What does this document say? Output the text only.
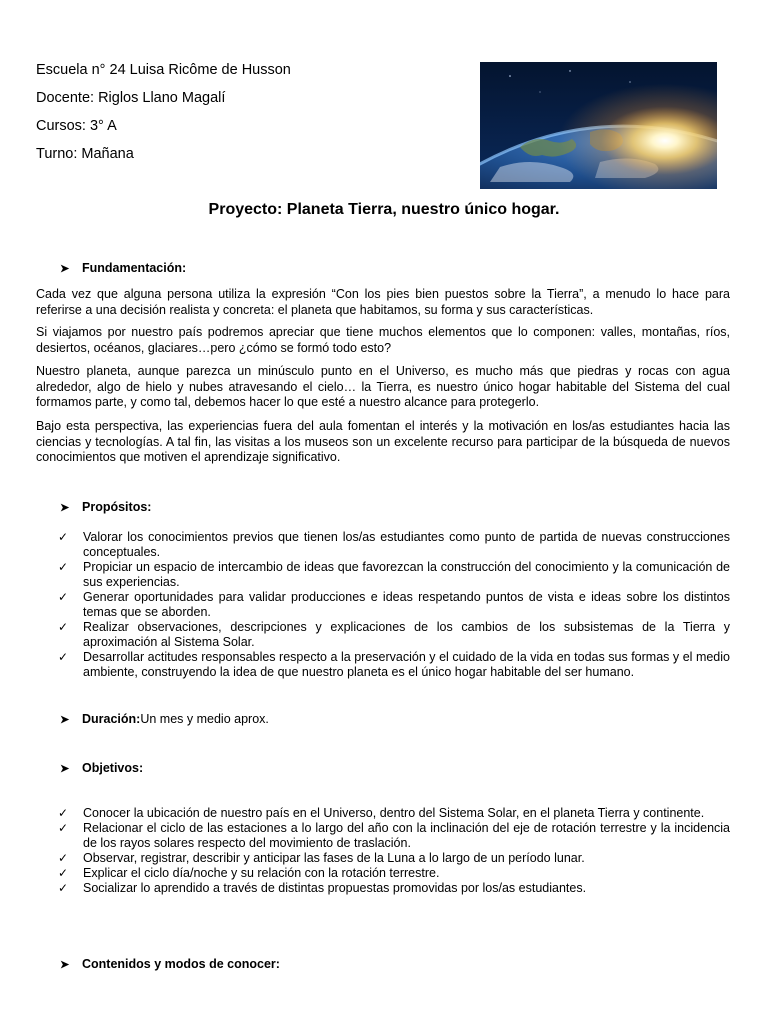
Escuela n° 24 Luisa Ricôme de Husson
Docente: Riglos Llano Magalí
Cursos: 3° A
Turno: Mañana
Proyecto: Planeta Tierra, nuestro único hogar.
➤	Fundamentación:
Cada vez que alguna persona utiliza la expresión “Con los pies bien puestos sobre la Tierra”, a menudo lo hace para referirse a una decisión realista y concreta: el planeta que habitamos, su forma y sus características.
Si viajamos por nuestro país podremos apreciar que tiene muchos elementos que lo componen: valles, montañas, ríos, desiertos, océanos, glaciares…pero ¿cómo se formó todo esto?
Nuestro planeta, aunque parezca un minúsculo punto en el Universo, es mucho más que piedras y rocas con agua alrededor, algo de hielo y nubes atravesando el cielo… la Tierra, es nuestro único hogar habitable del Sistema del cual formamos parte, y como tal, debemos hacer lo que esté a nuestro alcance para protegerlo.
Bajo esta perspectiva, las experiencias fuera del aula fomentan el interés y la motivación en los/as estudiantes hacia las ciencias y tecnologías. A tal fin, las visitas a los museos son un excelente recurso para participar de la búsqueda de nuevos conocimientos que motiven el aprendizaje significativo.
➤	Propósitos:
✓ Valorar los conocimientos previos que tienen los/as estudiantes como punto de partida de nuevas construcciones conceptuales.
✓ Propiciar un espacio de intercambio de ideas que favorezcan la construcción del conocimiento y la comunicación de sus experiencias.
✓ Generar oportunidades para validar producciones e ideas respetando puntos de vista e ideas sobre los distintos temas que se aborden.
✓ Realizar observaciones, descripciones y explicaciones de los cambios de los subsistemas de la Tierra y aproximación al Sistema Solar.
✓ Desarrollar actitudes responsables respecto a la preservación y el cuidado de la vida en todas sus formas y el medio ambiente, construyendo la idea de que nuestro planeta es el único hogar habitable del ser humano.
➤	Duración: Un mes y medio aprox.
➤	Objetivos:
✓ Conocer la ubicación de nuestro país en el Universo, dentro del Sistema Solar, en el planeta Tierra y continente.
✓ Relacionar el ciclo de las estaciones a lo largo del año con la inclinación del eje de rotación terrestre y la incidencia de los rayos solares respecto del movimiento de traslación.
✓ Observar, registrar, describir y anticipar las fases de la Luna a lo largo de un período lunar.
✓ Explicar el ciclo día/noche y su relación con la rotación terrestre.
✓ Socializar lo aprendido a través de distintas propuestas promovidas por los/as estudiantes.
➤	Contenidos y modos de conocer:
